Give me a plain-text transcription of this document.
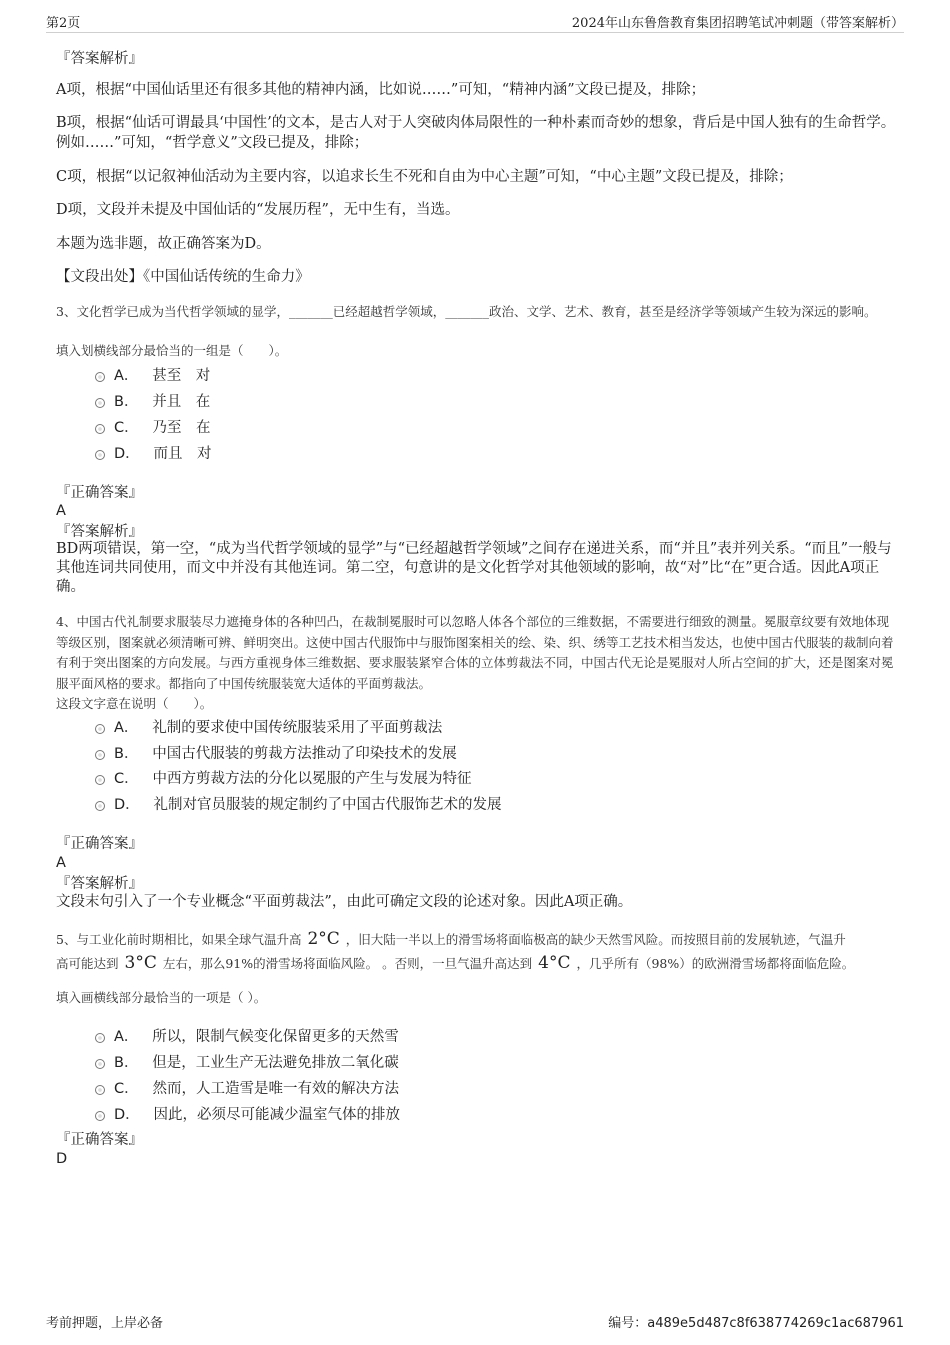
第2页	2024年山东鲁詹教育集团招聘笔试冲刺题（带答案解析）
『答案解析』
A项，根据“中国仙话里还有很多其他的精神内涵，比如说……”可知，“精神内涵”文段已提及，排除；
B项，根据“仙话可谓最具‘中国性’的文本，是古人对于人突破肉体局限性的一种朴素而奇妙的想象，背后是中国人独有的生命哲学。例如……”可知，“哲学意义”文段已提及，排除；
C项，根据“以记叙神仙活动为主要内容，以追求长生不死和自由为中心主题”可知，“中心主题”文段已提及，排除；
D项，文段并未提及中国仙话的“发展历程”，无中生有，当选。
本题为选非题，故正确答案为D。
【文段出处】《中国仙话传统的生命力》
3、文化哲学已成为当代哲学领域的显学，_______已经超越哲学领域，_______政治、文学、艺术、教育，甚至是经济学等领域产生较为深远的影响。
填入划横线部分最恰当的一组是（　　）。
A． 甚至　对
B． 并且　在
C． 乃至　在
D． 而且　对
『正确答案』
A
『答案解析』
BD两项错误，第一空，“成为当代哲学领域的显学”与“已经超越哲学领域”之间存在递进关系，而“并且”表并列关系。“而且”一般与其他连词共同使用，而文中并没有其他连词。第二空，句意讲的是文化哲学对其他领域的影响，故“对”比“在”更合适。因此A项正确。
4、中国古代礼制要求服装尽力遮掩身体的各种凹凸，在裁制冕服时可以忽略人体各个部位的三维数据，不需要进行细致的测量。冕服章纹要有效地体现等级区别，图案就必须清晰可辨、鲜明突出。这使中国古代服饰中与服饰图案相关的绘、染、织、绣等工艺技术相当发达，也使中国古代服装的裁制向着有利于突出图案的方向发展。与西方重视身体三维数据、要求服装紧窄合体的立体剪裁法不同，中国古代无论是冕服对人所占空间的扩大，还是图案对冕服平面风格的要求。都指向了中国传统服装宽大适体的平面剪裁法。
这段文字意在说明（　　）。
A． 礼制的要求使中国传统服装采用了平面剪裁法
B． 中国古代服装的剪裁方法推动了印染技术的发展
C． 中西方剪裁方法的分化以冕服的产生与发展为特征
D． 礼制对官员服装的规定制约了中国古代服饰艺术的发展
『正确答案』
A
『答案解析』
文段末句引入了一个专业概念“平面剪裁法”，由此可确定文段的论述对象。因此A项正确。
5、与工业化前时期相比，如果全球气温升高 2°C ，旧大陆一半以上的滑雪场将面临极高的缺少天然雪风险。而按照目前的发展轨迹，气温升
高可能达到 3°C 左右，那么91%的滑雪场将面临风险。 。否则，一旦气温升高达到 4°C ，几乎所有（98%）的欧洲滑雪场都将面临危险。
填入画横线部分最恰当的一项是（ ）。
A． 所以，限制气候变化保留更多的天然雪
B． 但是，工业生产无法避免排放二氧化碳
C． 然而，人工造雪是唯一有效的解决方法
D． 因此，必须尽可能减少温室气体的排放
『正确答案』
D
考前押题，上岸必备	编号：a489e5d487c8f638774269c1ac687961
